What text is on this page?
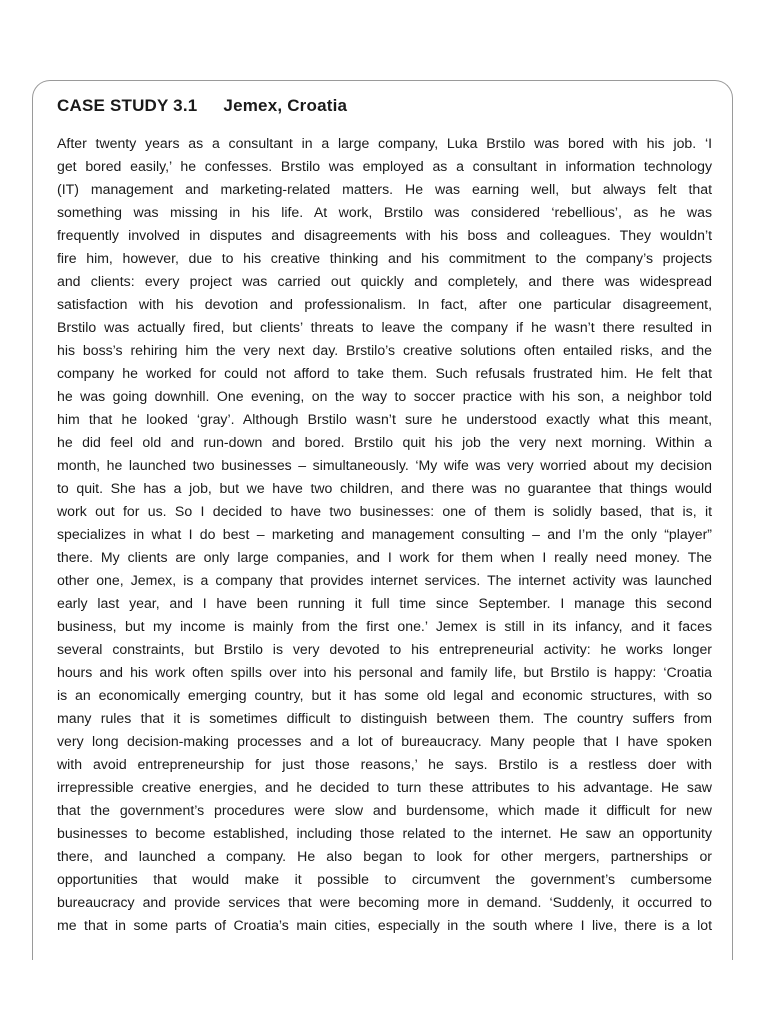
CASE STUDY 3.1 Jemex, Croatia
After twenty years as a consultant in a large company, Luka Brstilo was bored with his job. ‘I
get bored easily,’ he confesses. Brstilo was employed as a consultant in information technology
(IT) management and marketing-related matters. He was earning well, but always felt that
something was missing in his life. At work, Brstilo was considered ‘rebellious’, as he was
frequently involved in disputes and disagreements with his boss and colleagues. They wouldn’t
fire him, however, due to his creative thinking and his commitment to the company’s projects
and clients: every project was carried out quickly and completely, and there was widespread
satisfaction with his devotion and professionalism. In fact, after one particular disagreement,
Brstilo was actually fired, but clients’ threats to leave the company if he wasn’t there resulted in
his boss’s rehiring him the very next day. Brstilo’s creative solutions often entailed risks, and the
company he worked for could not afford to take them. Such refusals frustrated him. He felt that
he was going downhill. One evening, on the way to soccer practice with his son, a neighbor told
him that he looked ‘gray’. Although Brstilo wasn’t sure he understood exactly what this meant,
he did feel old and run-down and bored. Brstilo quit his job the very next morning. Within a
month, he launched two businesses – simultaneously. ‘My wife was very worried about my decision
to quit. She has a job, but we have two children, and there was no guarantee that things would
work out for us. So I decided to have two businesses: one of them is solidly based, that is, it
specializes in what I do best – marketing and management consulting – and I’m the only “player”
there. My clients are only large companies, and I work for them when I really need money. The
other one, Jemex, is a company that provides internet services. The internet activity was launched
early last year, and I have been running it full time since September. I manage this second
business, but my income is mainly from the first one.’ Jemex is still in its infancy, and it faces
several constraints, but Brstilo is very devoted to his entrepreneurial activity: he works longer
hours and his work often spills over into his personal and family life, but Brstilo is happy: ‘Croatia
is an economically emerging country, but it has some old legal and economic structures, with so
many rules that it is sometimes difficult to distinguish between them. The country suffers from
very long decision-making processes and a lot of bureaucracy. Many people that I have spoken
with avoid entrepreneurship for just those reasons,’ he says. Brstilo is a restless doer with
irrepressible creative energies, and he decided to turn these attributes to his advantage. He saw
that the government’s procedures were slow and burdensome, which made it difficult for new
businesses to become established, including those related to the internet. He saw an opportunity
there, and launched a company. He also began to look for other mergers, partnerships or
opportunities that would make it possible to circumvent the government’s cumbersome
bureaucracy and provide services that were becoming more in demand. ‘Suddenly, it occurred to
me that in some parts of Croatia’s main cities, especially in the south where I live, there is a lot
